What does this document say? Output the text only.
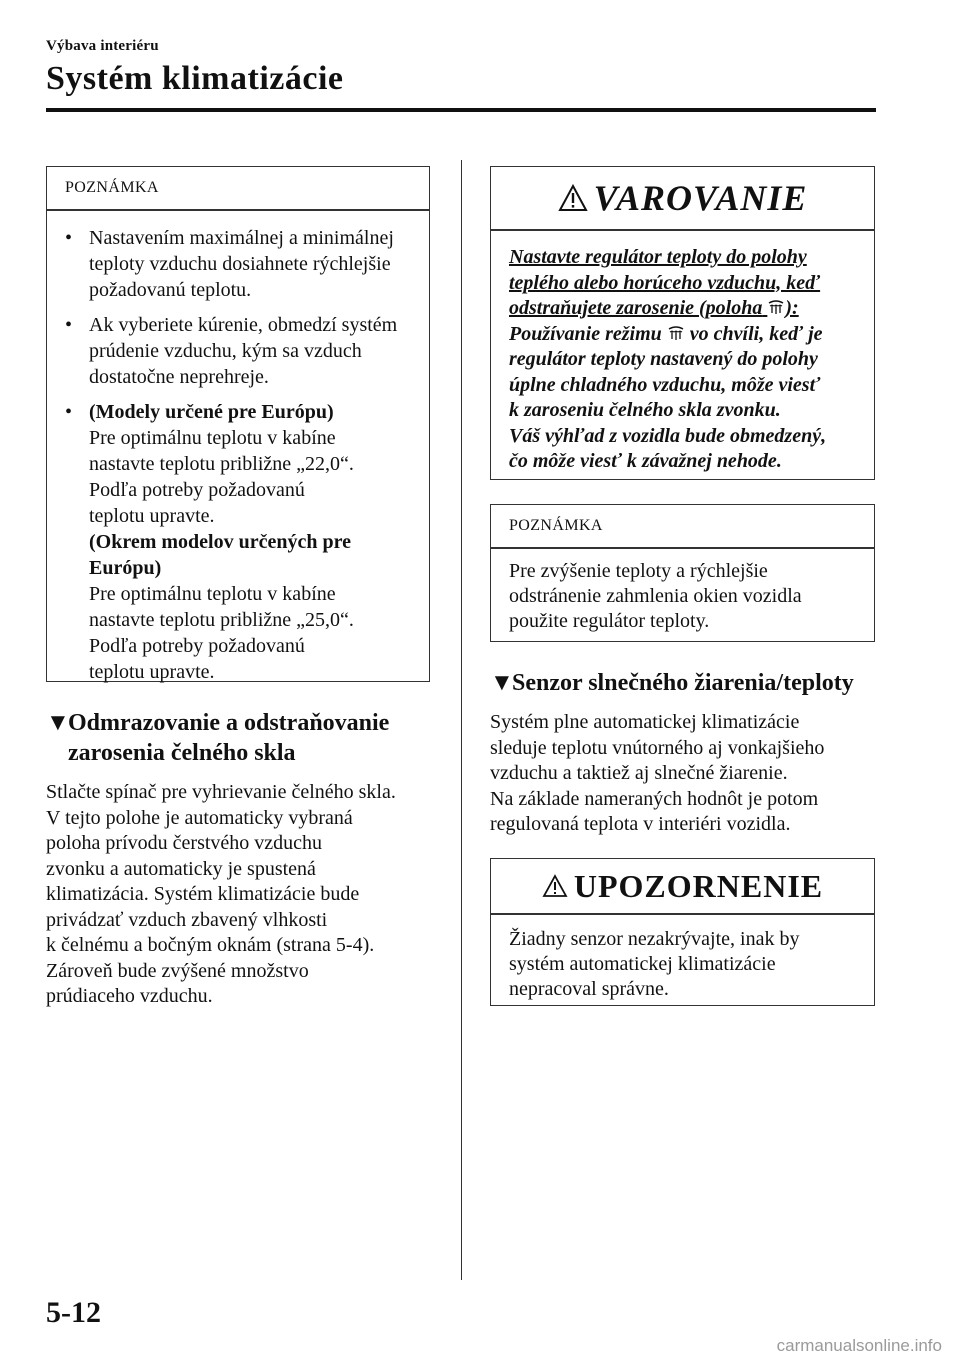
Výbava interiéru
Systém klimatizácie
POZNÁMKA
• Nastavením maximálnej a minimálnej teploty vzduchu dosiahnete rýchlejšie požadovanú teplotu.

• Ak vyberiete kúrenie, obmedzí systém prúdenie vzduchu, kým sa vzduch dostatočne neprehreje.

• (Modely určené pre Európu)

Pre optimálnu teplotu v kabíne

nastavte teplotu približne „22,0“.

Podľa potreby požadovanú

teplotu upravte.

(Okrem modelov určených pre

Európu)

Pre optimálnu teplotu v kabíne

nastavte teplotu približne „25,0“.

Podľa potreby požadovanú

teplotu upravte.

▼Odmrazovanie a odstraňovanie
zarosenia čelného skla
Stlačte spínač pre vyhrievanie čelného skla.
V tejto polohe je automaticky vybraná
poloha prívodu čerstvého vzduchu
zvonku a automaticky je spustená
klimatizácia. Systém klimatizácie bude
privádzať vzduch zbavený vlhkosti
k čelnému a bočným oknám (strana 5-4).
Zároveň bude zvýšené množstvo
prúdiaceho vzduchu.
VAROVANIE
Nastavte regulátor teploty do polohy
teplého alebo horúceho vzduchu, keď
odstraňujete zarosenie (poloha ):
Používanie režimu vo chvíli, keď je
regulátor teploty nastavený do polohy
úplne chladného vzduchu, môže viesť
k zaroseniu čelného skla zvonku.
Váš výhľad z vozidla bude obmedzený,
čo môže viesť k závažnej nehode.
POZNÁMKA
Pre zvýšenie teploty a rýchlejšie
odstránenie zahmlenia okien vozidla
použite regulátor teploty.
▼Senzor slnečného žiarenia/teploty
Systém plne automatickej klimatizácie
sleduje teplotu vnútorného aj vonkajšieho
vzduchu a taktiež aj slnečné žiarenie.
Na základe nameraných hodnôt je potom
regulovaná teplota v interiéri vozidla.
UPOZORNENIE
Žiadny senzor nezakrývajte, inak by
systém automatickej klimatizácie
nepracoval správne.
5-12
carmanualsonline.info
